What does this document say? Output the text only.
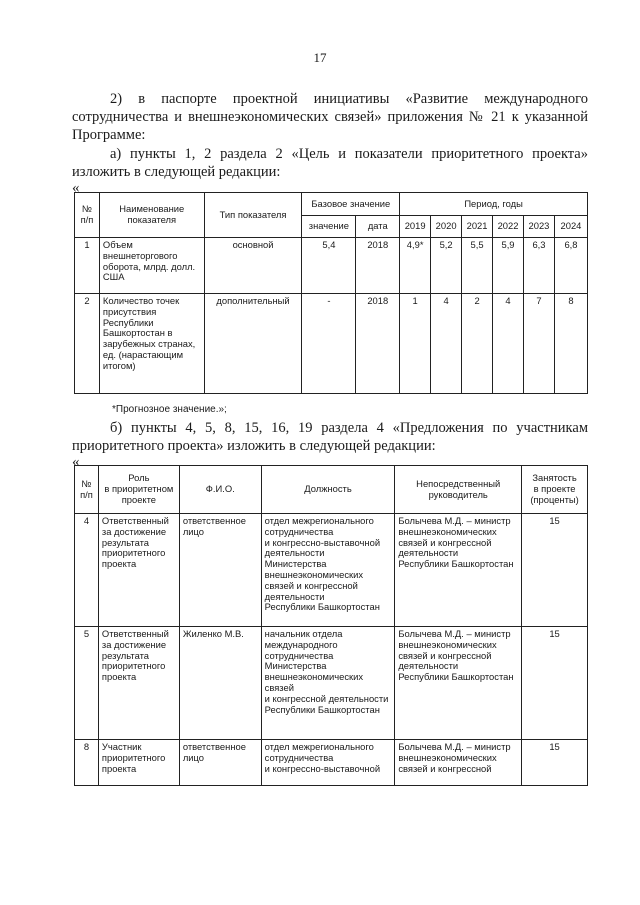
17

2) в паспорте проектной инициативы «Развитие международного сотрудничества и внешнеэкономических связей» приложения № 21 к указанной Программе:

а) пункты 1, 2 раздела 2 «Цель и показатели приоритетного проекта» изложить в следующей редакции:

«
№
п/п	Наименование показателя	Тип показателя	Базовое значение		Период, годы					
			значение	дата	2019	2020	2021	2022	2023	2024
1	Объем внешнеторгового оборота, млрд. долл. США	основной	5,4	2018	4,9*	5,2	5,5	5,9	6,3	6,8
2	Количество точек присутствия Республики Башкортостан в зарубежных странах, ед. (нарастающим итогом)	дополнительный	-	2018	1	4	2	4	7	8
*Прогнозное значение.»;

б) пункты 4, 5, 8, 15, 16, 19 раздела 4 «Предложения по участникам приоритетного проекта» изложить в следующей редакции:

«
№
п/п	Роль
в приоритетном
проекте	Ф.И.О.	Должность	Непосредственный
руководитель	Занятость
в проекте
(проценты)
4	Ответственный за достижение результата приоритетного проекта	ответственное лицо	отдел межрегионального сотрудничества
и конгрессно-выставочной деятельности
Министерства внешнеэкономических связей и конгрессной деятельности
Республики Башкортостан	Болычева М.Д. – министр внешнеэкономических связей и конгрессной деятельности
Республики Башкортостан	15
5	Ответственный за достижение результата приоритетного проекта	Жиленко М.В.	начальник отдела международного сотрудничества
Министерства внешнеэкономических связей
и конгрессной деятельности
Республики Башкортостан	Болычева М.Д. – министр внешнеэкономических связей и конгрессной деятельности
Республики Башкортостан	15
8	Участник приоритетного проекта	ответственное лицо	отдел межрегионального сотрудничества
и конгрессно-выставочной	Болычева М.Д. – министр внешнеэкономических связей и конгрессной	15
